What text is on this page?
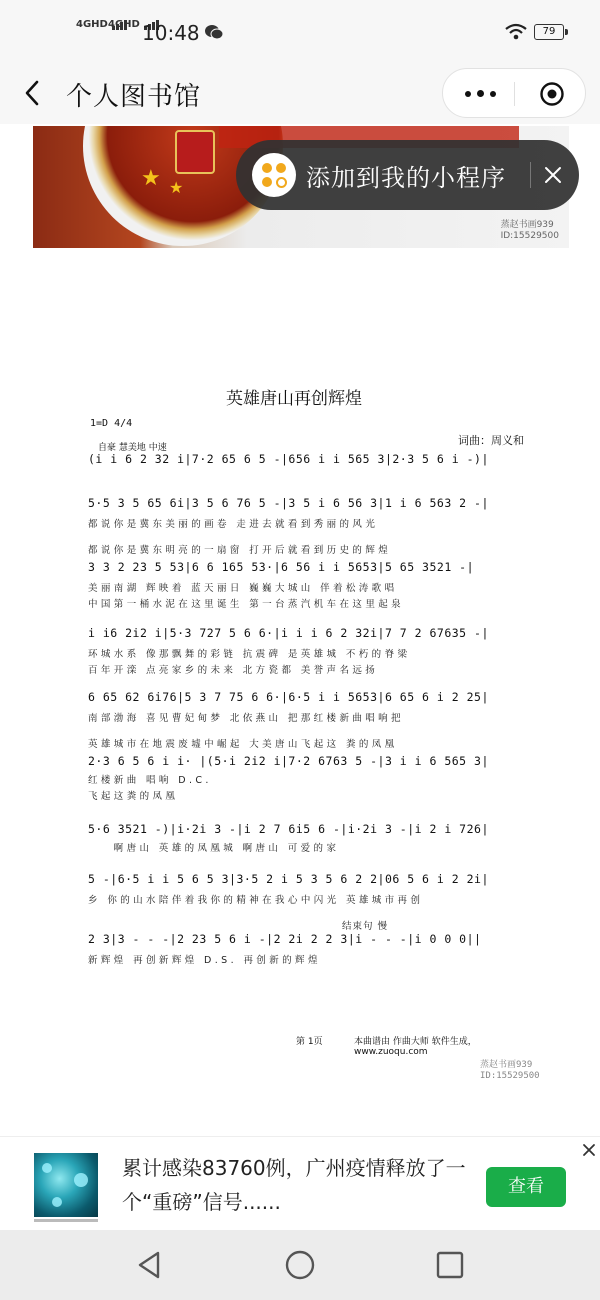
4GHD 4GHD 10:48	79
个人图书馆
★ ★
蒸赵书画939
ID:15529500
添加到我的小程序
英雄唐山再创辉煌
1=D 4/4
自豪 慧美地 中速
词曲：周义和
(i i 6 2 32 i|7·2 65 6 5 -|656 i i 565 3|2·3 5 6 i -)|
5·5 3 5 65 6i|3 5 6 76 5 -|3 5 i 6 56 3|1 i 6 563 2 -|
都说你是冀东美丽的画卷 走进去就看到秀丽的风光
都说你是冀东明亮的一扇窗 打开后就看到历史的辉煌
3 3 2 23 5 53|6 6 165 53·|6 56 i i 5653|5 65 3521 -|
美丽南湖 辉映着 蓝天丽日 巍巍大城山 伴着松涛歌唱
中国第一桶水泥在这里诞生 第一台蒸汽机车在这里起泉
i i6 2i2 i|5·3 727 5 6 6·|i i i 6 2 32i|7 7 2 67635 -|
环城水系 像那飘舞的彩链 抗震碑 是英雄城 不朽的脊梁
百年开滦 点亮家乡的未来 北方瓷都 美誉声名远扬
6 65 62 6i76|5 3 7 75 6 6·|6·5 i i 5653|6 65 6 i 2 25|
南部渤海 喜见曹妃甸梦 北依燕山 把那红楼新曲唱响把
英雄城市在地震废墟中崛起 大美唐山飞起这 粪的凤凰
2·3 6 5 6 i i· |(5·i 2i2 i|7·2 6763 5 -|3 i i 6 565 3|
红楼新曲 唱响 D.C.
飞起这粪的凤凰
5·6 3521 -)|i·2i 3 -|i 2 7 6i5 6 -|i·2i 3 -|i 2 i 726|
啊唐山 英雄的凤凰城 啊唐山 可爱的家
5 -|6·5 i i 5 6 5 3|3·5 2 i 5 3 5 6 2 2|06 5 6 i 2 2i|
乡 你的山水陪伴着我你的精神在我心中闪光 英雄城市再创
结束句 慢
2 3|3 - - -|2 23 5 6 i -|2 2i 2 2 3|i - - -|i 0 0 0||
新辉煌 再创新辉煌 D.S. 再创新的辉煌
第 1页	本曲谱由 作曲大师 软件生成，www.zuoqu.com
蒸赵书画939
ID:15529500
累计感染83760例，广州疫情释放了一个“重磅”信号......
查看
